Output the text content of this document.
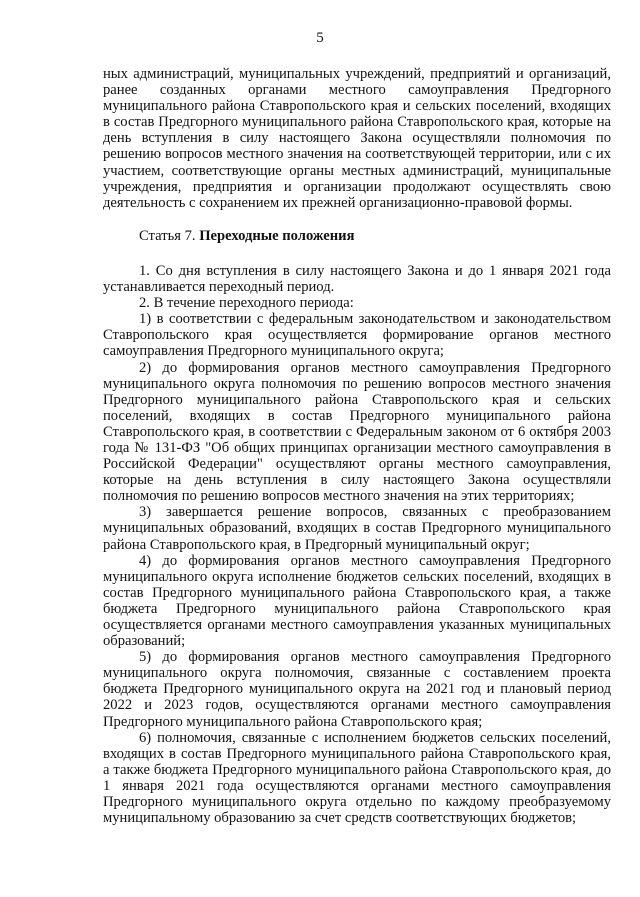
5

ных администраций, муниципальных учреждений, предприятий и организаций, ранее созданных органами местного самоуправления Предгорного муниципального района Ставропольского края и сельских поселений, входящих в состав Предгорного муниципального района Ставропольского края, которые на день вступления в силу настоящего Закона осуществляли полномочия по решению вопросов местного значения на соответствующей территории, или с их участием, соответствующие органы местных администраций, муниципальные учреждения, предприятия и организации продолжают осуществлять свою деятельность с сохранением их прежней организационно-правовой формы.

Статья 7. Переходные положения

1. Со дня вступления в силу настоящего Закона и до 1 января 2021 года устанавливается переходный период.

2. В течение переходного периода:

1) в соответствии с федеральным законодательством и законодательством Ставропольского края осуществляется формирование органов местного самоуправления Предгорного муниципального округа;

2) до формирования органов местного самоуправления Предгорного муниципального округа полномочия по решению вопросов местного значения Предгорного муниципального района Ставропольского края и сельских поселений, входящих в состав Предгорного муниципального района Ставропольского края, в соответствии с Федеральным законом от 6 октября 2003 года № 131-ФЗ "Об общих принципах организации местного самоуправления в Российской Федерации" осуществляют органы местного самоуправления, которые на день вступления в силу настоящего Закона осуществляли полномочия по решению вопросов местного значения на этих территориях;

3) завершается решение вопросов, связанных с преобразованием муниципальных образований, входящих в состав Предгорного муниципального района Ставропольского края, в Предгорный муниципальный округ;

4) до формирования органов местного самоуправления Предгорного муниципального округа исполнение бюджетов сельских поселений, входящих в состав Предгорного муниципального района Ставропольского края, а также бюджета Предгорного муниципального района Ставропольского края осуществляется органами местного самоуправления указанных муниципальных образований;

5) до формирования органов местного самоуправления Предгорного муниципального округа полномочия, связанные с составлением проекта бюджета Предгорного муниципального округа на 2021 год и плановый период 2022 и 2023 годов, осуществляются органами местного самоуправления Предгорного муниципального района Ставропольского края;

6) полномочия, связанные с исполнением бюджетов сельских поселений, входящих в состав Предгорного муниципального района Ставропольского края, а также бюджета Предгорного муниципального района Ставропольского края, до 1 января 2021 года осуществляются органами местного самоуправления Предгорного муниципального округа отдельно по каждому преобразуемому муниципальному образованию за счет средств соответствующих бюджетов;
